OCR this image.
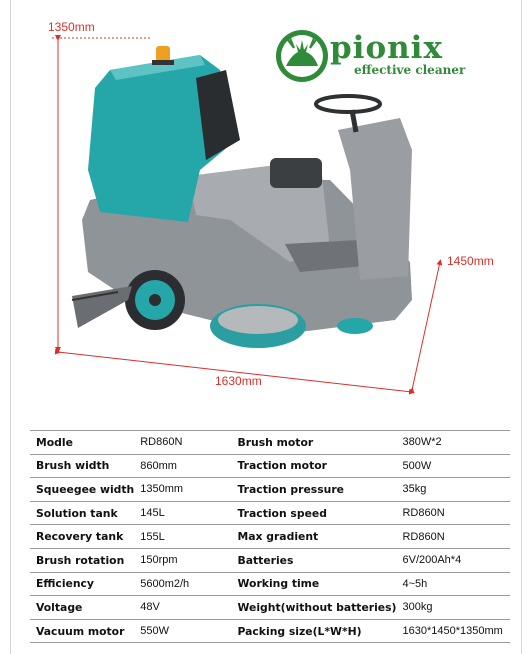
1350mm
1450mm
1630mm
pionix
effective cleaner
Modle	RD860N	Brush motor	380W*2
Brush width	860mm	Traction motor	500W
Squeegee width	1350mm	Traction pressure	35kg
Solution tank	145L	Traction speed	RD860N
Recovery tank	155L	Max gradient	RD860N
Brush rotation	150rpm	Batteries	6V/200Ah*4
Efficiency	5600m2/h	Working time	4~5h
Voltage	48V	Weight(without batteries)	300kg
Vacuum motor	550W	Packing size(L*W*H)	1630*1450*1350mm
